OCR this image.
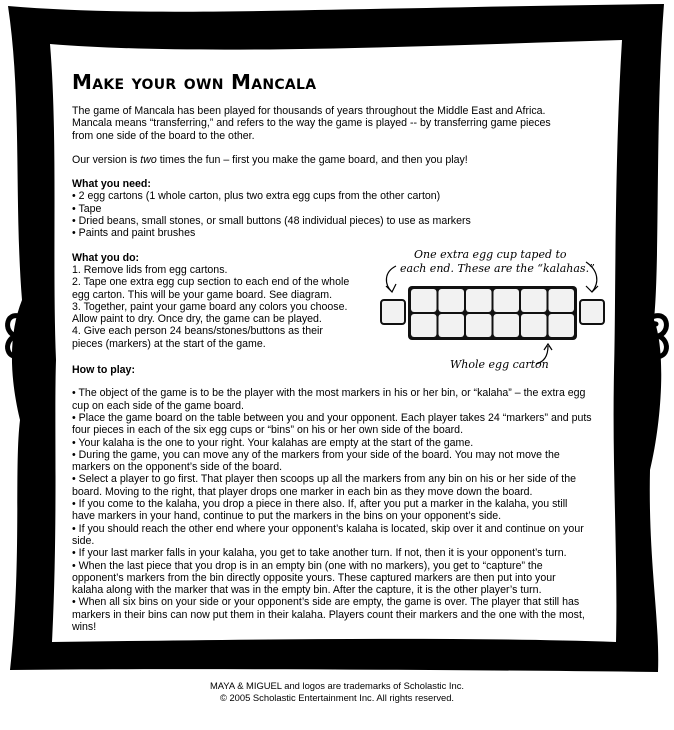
Make your own Mancala

The game of Mancala has been played for thousands of years throughout the Middle East and Africa.

Mancala means “transferring,” and refers to the way the game is played -- by transferring game pieces

from one side of the board to the other.

Our version is two times the fun – first you make the game board, and then you play!

What you need:

• 2 egg cartons (1 whole carton, plus two extra egg cups from the other carton)

• Tape

• Dried beans, small stones, or small buttons (48 individual pieces) to use as markers

• Paints and paint brushes

What you do:

1. Remove lids from egg cartons.

2. Tape one extra egg cup section to each end of the whole

egg carton. This will be your game board. See diagram.

3. Together, paint your game board any colors you choose.

Allow paint to dry. Once dry, the game can be played.

4. Give each person 24 beans/stones/buttons as their

pieces (markers) at the start of the game.

How to play:

• The object of the game is to be the player with the most markers in his or her bin, or “kalaha” – the extra egg

cup on each side of the game board.

• Place the game board on the table between you and your opponent. Each player takes 24 “markers” and puts

four pieces in each of the six egg cups or “bins” on his or her own side of the board.

• Your kalaha is the one to your right. Your kalahas are empty at the start of the game.

• During the game, you can move any of the markers from your side of the board. You may not move the

markers on the opponent’s side of the board.

• Select a player to go first. That player then scoops up all the markers from any bin on his or her side of the

board. Moving to the right, that player drops one marker in each bin as they move down the board.

• If you come to the kalaha, you drop a piece in there also. If, after you put a marker in the kalaha, you still

have markers in your hand, continue to put the markers in the bins on your opponent’s side.

• If you should reach the other end where your opponent’s kalaha is located, skip over it and continue on your

side.

• If your last marker falls in your kalaha, you get to take another turn. If not, then it is your opponent’s turn.

• When the last piece that you drop is in an empty bin (one with no markers), you get to “capture” the

opponent’s markers from the bin directly opposite yours. These captured markers are then put into your

kalaha along with the marker that was in the empty bin. After the capture, it is the other player’s turn.

• When all six bins on your side or your opponent’s side are empty, the game is over. The player that still has

markers in their bins can now put them in their kalaha. Players count their markers and the one with the most,

wins!

One extra egg cup taped to
each end. These are the “kalahas.”
Whole egg carton

MAYA & MIGUEL and logos are trademarks of Scholastic Inc.

© 2005 Scholastic Entertainment Inc. All rights reserved.
